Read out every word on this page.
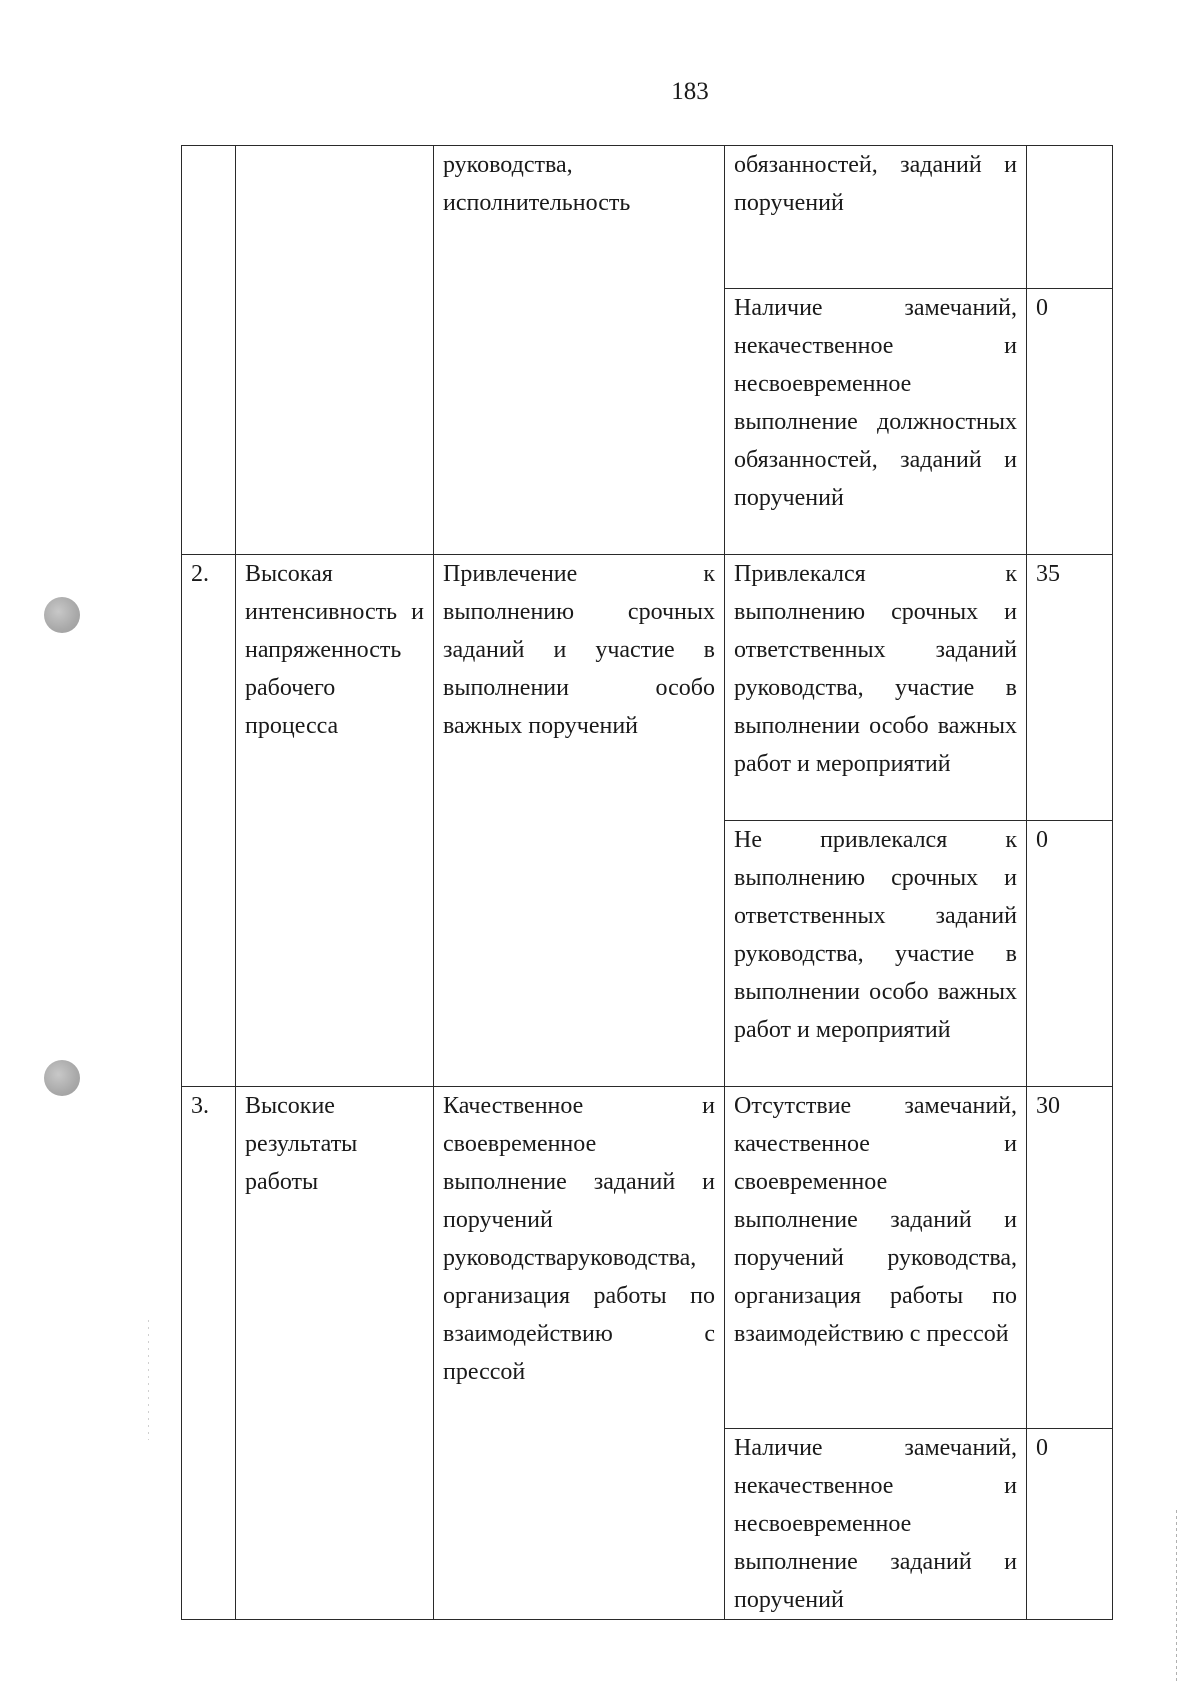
183

		руководства, исполнительность	обязанностей, заданий и поручений	

			Наличие замечаний, некачественное и несвоевременное выполнение должностных обязанностей, заданий и поручений	0
2.	Высокая интенсивность и напряженность рабочего процесса	Привлечение к выполнению срочных заданий и участие в выполнении особо важных поручений	Привлекался к выполнению срочных и ответственных заданий руководства, участие в выполнении особо важных работ и мероприятий	35

			Не привлекался к выполнению срочных и ответственных заданий руководства, участие в выполнении особо важных работ и мероприятий	0
3.	Высокие результаты работы	Качественное и своевременное выполнение заданий и поручений руководстваруководства, организация работы по взаимодействию с прессой	Отсутствие замечаний, качественное и своевременное выполнение заданий и поручений руководства, организация работы по взаимодействию с прессой	30

			Наличие замечаний, некачественное и несвоевременное выполнение заданий и поручений	0
